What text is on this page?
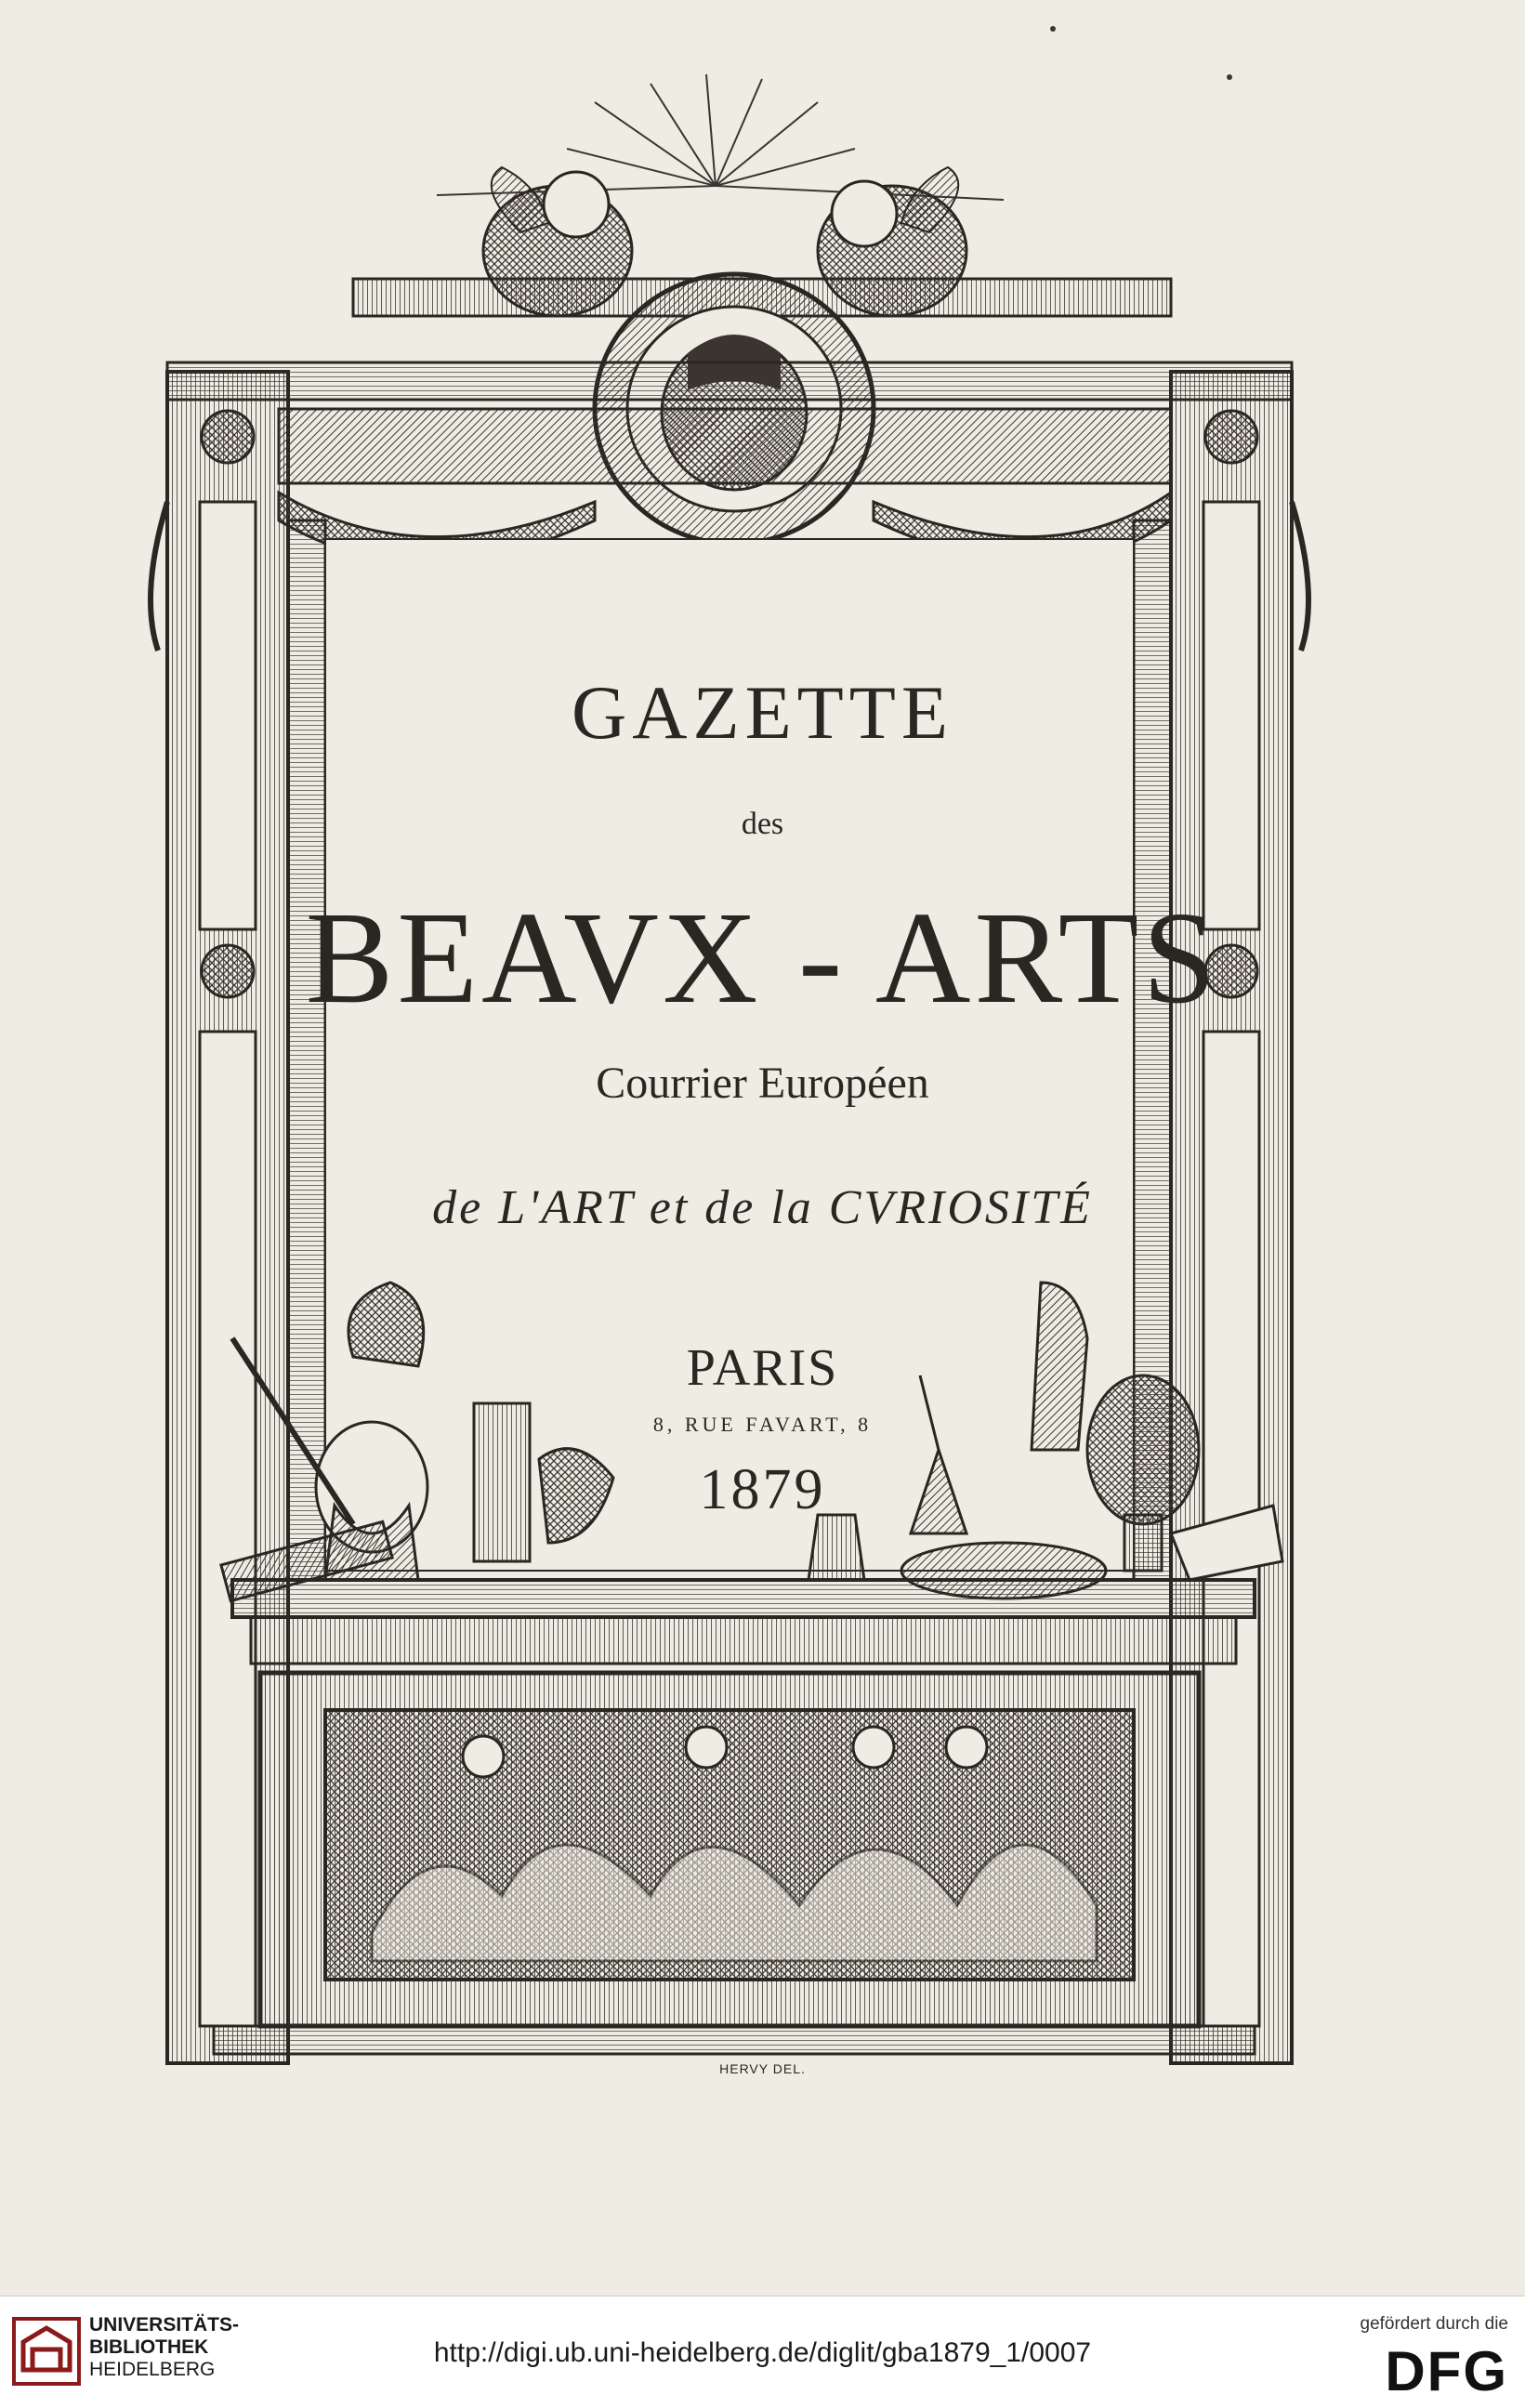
GAZETTE

des

BEAVX - ARTS

Courrier Européen

de L'ART et de la CVRIOSITÉ

PARIS

8, RUE FAVART, 8

1879

HERVY DEL.

UNIVERSITÄTS-
BIBLIOTHEK
HEIDELBERG
http://digi.ub.uni-heidelberg.de/diglit/gba1879_1/0007
gefördert durch die
DFG
